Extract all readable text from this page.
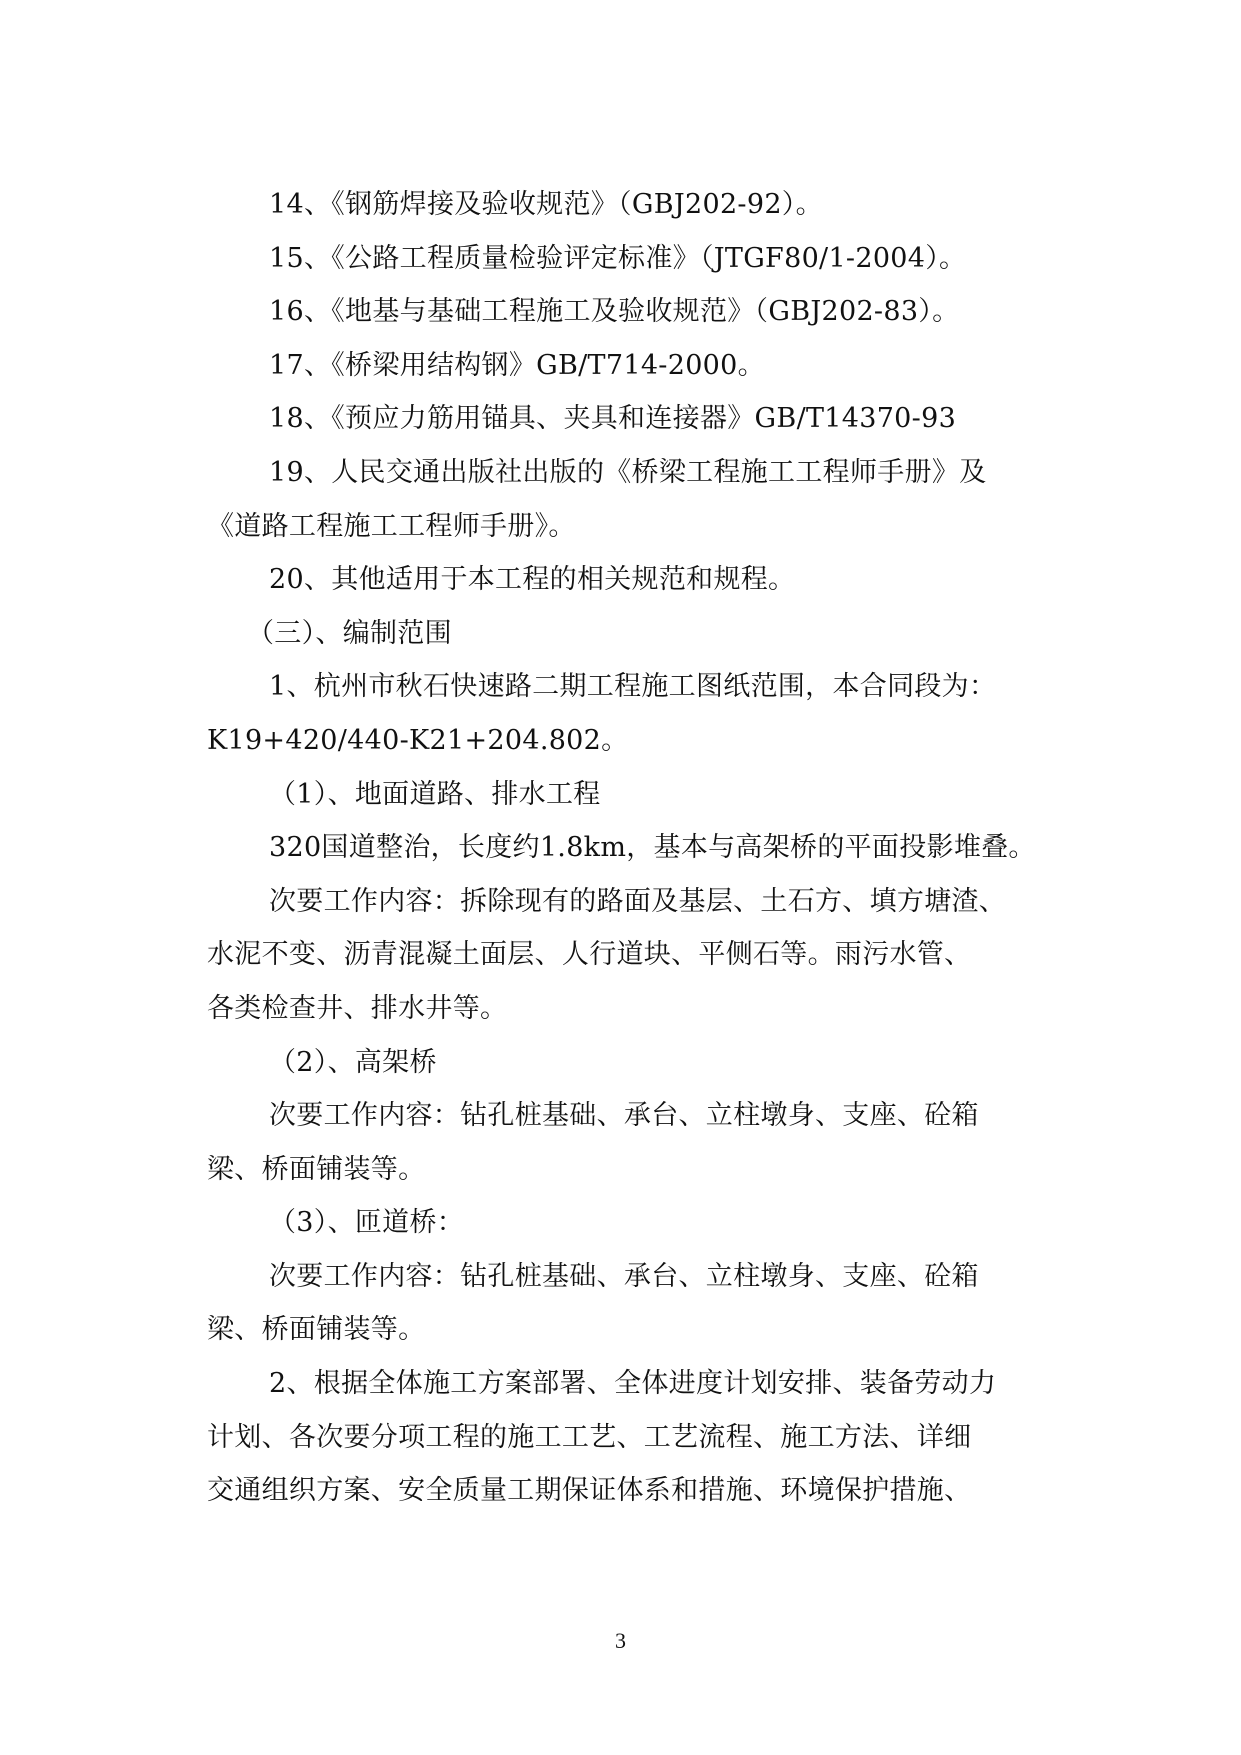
14、《钢筋焊接及验收规范》（GBJ202-92）。
15、《公路工程质量检验评定标准》（JTGF80/1-2004）。
16、《地基与基础工程施工及验收规范》（GBJ202-83）。
17、《桥梁用结构钢》GB/T714-2000。
18、《预应力筋用锚具、夹具和连接器》GB/T14370-93
19、人民交通出版社出版的《桥梁工程施工工程师手册》及
《道路工程施工工程师手册》。
20、其他适用于本工程的相关规范和规程。
（三）、编制范围
1、杭州市秋石快速路二期工程施工图纸范围，本合同段为：
K19+420/440-K21+204.802。
（1）、地面道路、排水工程
320国道整治，长度约1.8km，基本与高架桥的平面投影堆叠。
次要工作内容：拆除现有的路面及基层、土石方、填方塘渣、
水泥不变、沥青混凝土面层、人行道块、平侧石等。雨污水管、
各类检查井、排水井等。
（2）、高架桥
次要工作内容：钻孔桩基础、承台、立柱墩身、支座、砼箱
梁、桥面铺装等。
（3）、匝道桥：
次要工作内容：钻孔桩基础、承台、立柱墩身、支座、砼箱
梁、桥面铺装等。
2、根据全体施工方案部署、全体进度计划安排、装备劳动力
计划、各次要分项工程的施工工艺、工艺流程、施工方法、详细
交通组织方案、安全质量工期保证体系和措施、环境保护措施、
3
